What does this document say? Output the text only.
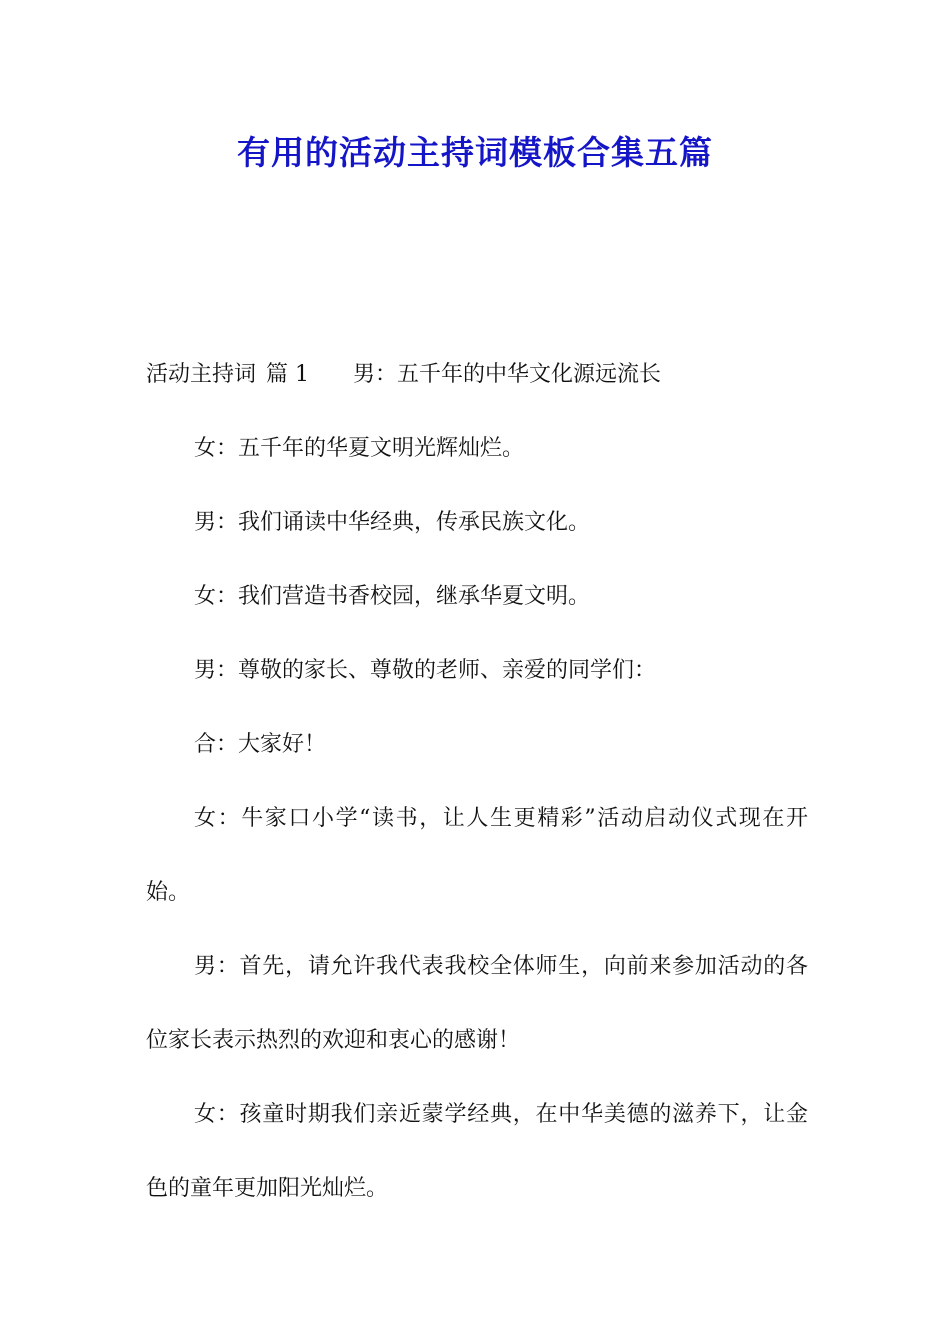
有用的活动主持词模板合集五篇

活动主持词 篇 1 男：五千年的中华文化源远流长

女：五千年的华夏文明光辉灿烂。

男：我们诵读中华经典，传承民族文化。

女：我们营造书香校园，继承华夏文明。

男：尊敬的家长、尊敬的老师、亲爱的同学们：

合：大家好！

女：牛家口小学“读书，让人生更精彩”活动启动仪式现在开始。

男：首先，请允许我代表我校全体师生，向前来参加活动的各位家长表示热烈的欢迎和衷心的感谢！

女：孩童时期我们亲近蒙学经典，在中华美德的滋养下，让金色的童年更加阳光灿烂。
